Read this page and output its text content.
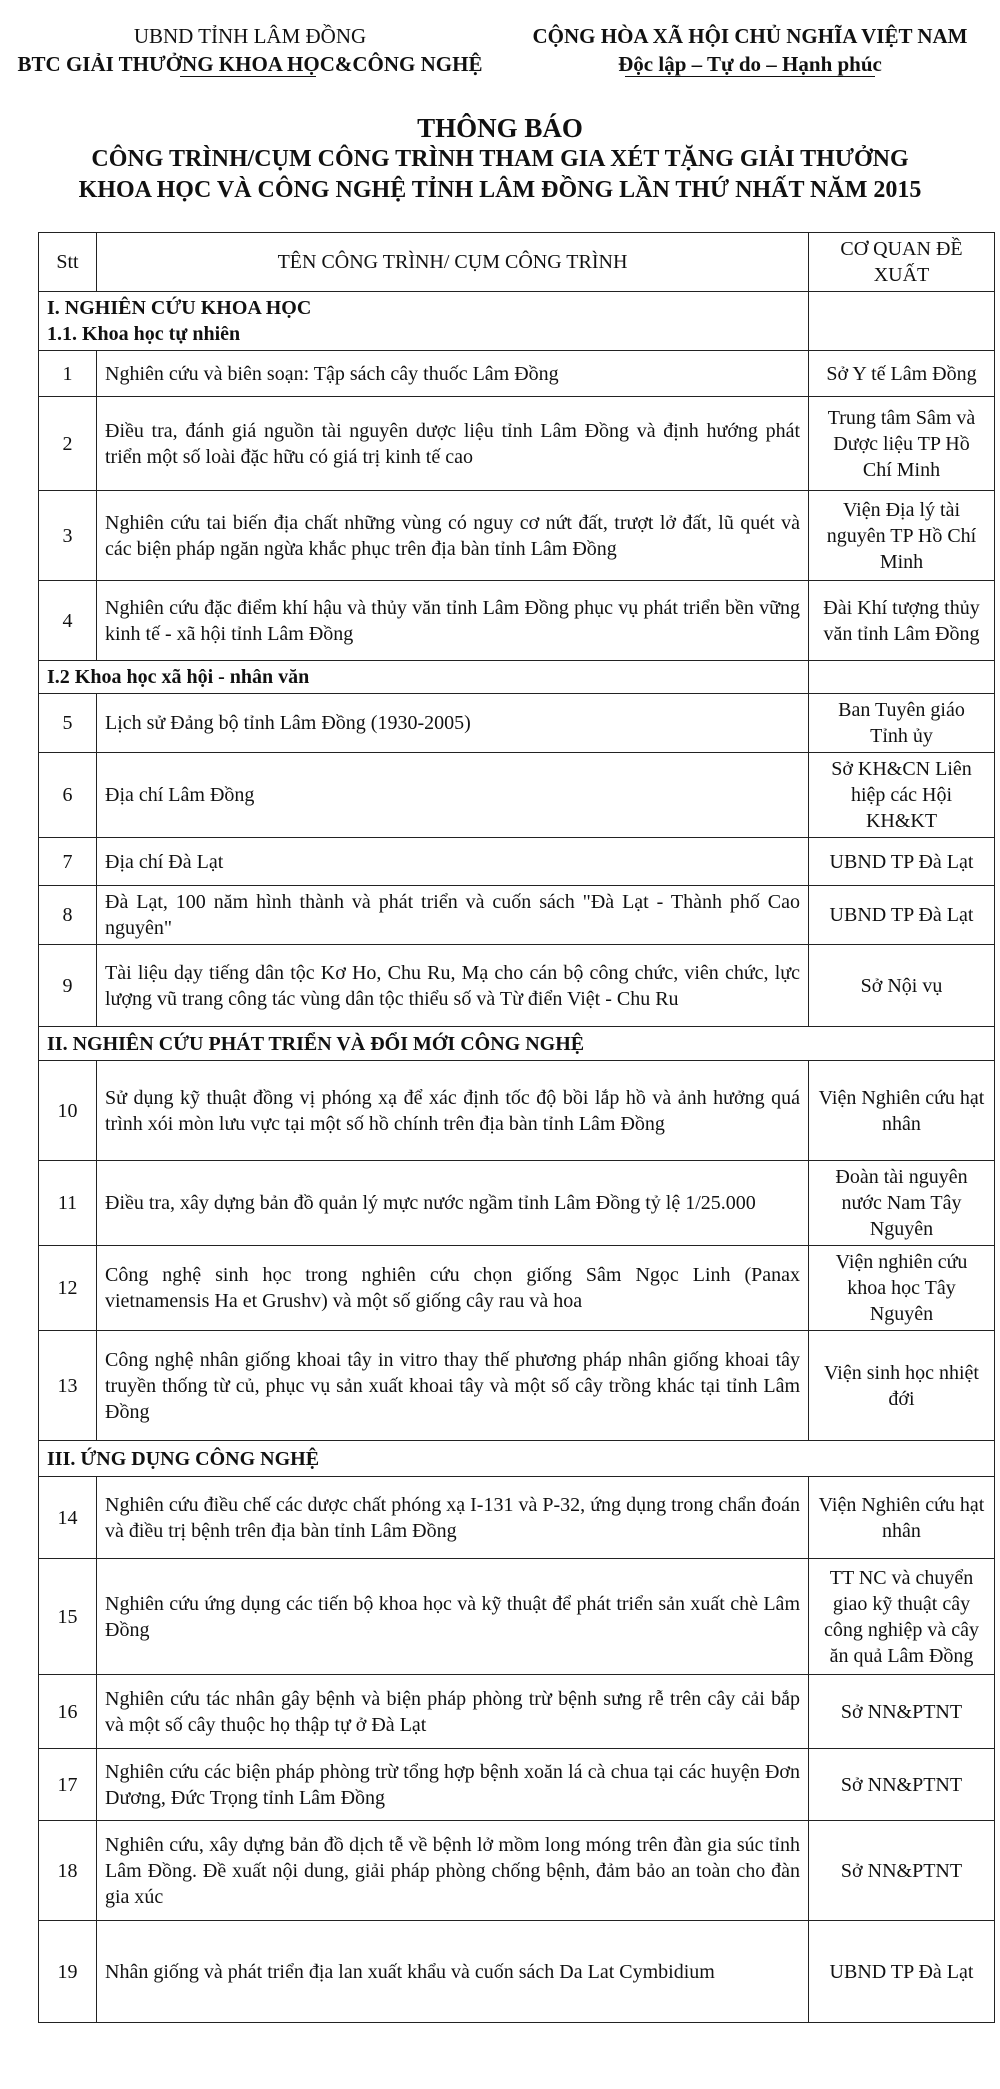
UBND TỈNH LÂM ĐỒNG
BTC GIẢI THƯỞNG KHOA HỌC&CÔNG NGHỆ
CỘNG HÒA XÃ HỘI CHỦ NGHĨA VIỆT NAM
Độc lập – Tự do – Hạnh phúc
THÔNG BÁO
CÔNG TRÌNH/CỤM CÔNG TRÌNH THAM GIA XÉT TẶNG GIẢI THƯỞNG
KHOA HỌC VÀ CÔNG NGHỆ TỈNH LÂM ĐỒNG LẦN THỨ NHẤT NĂM 2015
Stt	TÊN CÔNG TRÌNH/ CỤM CÔNG TRÌNH	CƠ QUAN ĐỀ XUẤT

I. NGHIÊN CỨU KHOA HỌC
1.1. Khoa học tự nhiên		

1	Nghiên cứu và biên soạn: Tập sách cây thuốc Lâm Đồng	Sở Y tế Lâm Đồng
2	Điều tra, đánh giá nguồn tài nguyên dược liệu tỉnh Lâm Đồng và định hướng phát triển một số loài đặc hữu có giá trị kinh tế cao	Trung tâm Sâm và Dược liệu TP Hồ Chí Minh
3	Nghiên cứu tai biến địa chất những vùng có nguy cơ nứt đất, trượt lở đất, lũ quét và các biện pháp ngăn ngừa khắc phục trên địa bàn tỉnh Lâm Đồng	Viện Địa lý tài nguyên TP Hồ Chí Minh
4	Nghiên cứu đặc điểm khí hậu và thủy văn tỉnh Lâm Đồng phục vụ phát triển bền vững kinh tế - xã hội tỉnh Lâm Đồng	Đài Khí tượng thủy văn tỉnh Lâm Đồng
I.2 Khoa học xã hội - nhân văn		
5	Lịch sử Đảng bộ tỉnh Lâm Đồng (1930-2005)	Ban Tuyên giáo Tỉnh ủy
6	Địa chí Lâm Đồng	Sở KH&CN Liên hiệp các Hội KH&KT
7	Địa chí Đà Lạt	UBND TP Đà Lạt
8	Đà Lạt, 100 năm hình thành và phát triển và cuốn sách "Đà Lạt - Thành phố Cao nguyên"	UBND TP Đà Lạt
9	Tài liệu dạy tiếng dân tộc Kơ Ho, Chu Ru, Mạ cho cán bộ công chức, viên chức, lực lượng vũ trang công tác vùng dân tộc thiểu số và Từ điển Việt - Chu Ru	Sở Nội vụ
II. NGHIÊN CỨU PHÁT TRIỂN VÀ ĐỔI MỚI CÔNG NGHỆ		
10	Sử dụng kỹ thuật đồng vị phóng xạ để xác định tốc độ bồi lắp hồ và ảnh hưởng quá trình xói mòn lưu vực tại một số hồ chính trên địa bàn tỉnh Lâm Đồng	Viện Nghiên cứu hạt nhân
11	Điều tra, xây dựng bản đồ quản lý mực nước ngầm tỉnh Lâm Đồng tỷ lệ 1/25.000	Đoàn tài nguyên nước Nam Tây Nguyên
12	Công nghệ sinh học trong nghiên cứu chọn giống Sâm Ngọc Linh (Panax vietnamensis Ha et Grushv) và một số giống cây rau và hoa	Viện nghiên cứu khoa học Tây Nguyên
13	Công nghệ nhân giống khoai tây in vitro thay thế phương pháp nhân giống khoai tây truyền thống từ củ, phục vụ sản xuất khoai tây và một số cây trồng khác tại tỉnh Lâm Đồng	Viện sinh học nhiệt đới
III. ỨNG DỤNG CÔNG NGHỆ		
14	Nghiên cứu điều chế các dược chất phóng xạ I-131 và P-32, ứng dụng trong chẩn đoán và điều trị bệnh trên địa bàn tỉnh Lâm Đồng	Viện Nghiên cứu hạt nhân
15	Nghiên cứu ứng dụng các tiến bộ khoa học và kỹ thuật để phát triển sản xuất chè Lâm Đồng	TT NC và chuyển giao kỹ thuật cây công nghiệp và cây ăn quả Lâm Đồng
16	Nghiên cứu tác nhân gây bệnh và biện pháp phòng trừ bệnh sưng rễ trên cây cải bắp và một số cây thuộc họ thập tự ở Đà Lạt	Sở NN&PTNT
17	Nghiên cứu các biện pháp phòng trừ tổng hợp bệnh xoăn lá cà chua tại các huyện Đơn Dương, Đức Trọng tỉnh Lâm Đồng	Sở NN&PTNT
18	Nghiên cứu, xây dựng bản đồ dịch tễ về bệnh lở mồm long móng trên đàn gia súc tỉnh Lâm Đồng. Đề xuất nội dung, giải pháp phòng chống bệnh, đảm bảo an toàn cho đàn gia xúc	Sở NN&PTNT
19	Nhân giống và phát triển địa lan xuất khẩu và cuốn sách Da Lat Cymbidium	UBND TP Đà Lạt
